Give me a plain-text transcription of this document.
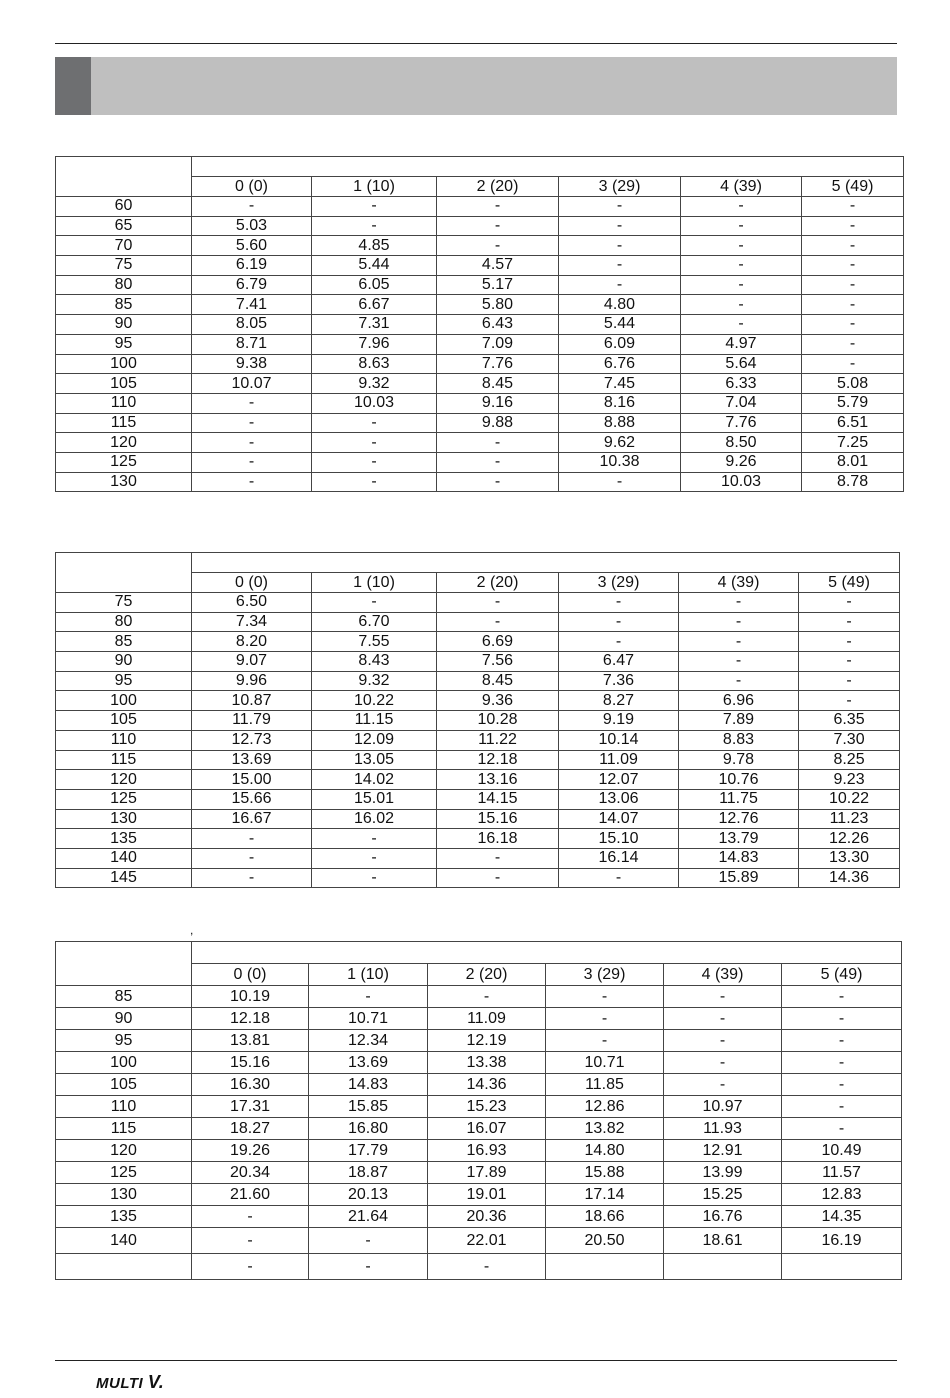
	0 (0)	1 (10)	2 (20)	3 (29)	4 (39)	5 (49)
60	-	-	-	-	-	-
65	5.03	-	-	-	-	-
70	5.60	4.85	-	-	-	-
75	6.19	5.44	4.57	-	-	-
80	6.79	6.05	5.17	-	-	-
85	7.41	6.67	5.80	4.80	-	-
90	8.05	7.31	6.43	5.44	-	-
95	8.71	7.96	7.09	6.09	4.97	-
100	9.38	8.63	7.76	6.76	5.64	-
105	10.07	9.32	8.45	7.45	6.33	5.08
110	-	10.03	9.16	8.16	7.04	5.79
115	-	-	9.88	8.88	7.76	6.51
120	-	-	-	9.62	8.50	7.25
125	-	-	-	10.38	9.26	8.01
130	-	-	-	-	10.03	8.78

	0 (0)	1 (10)	2 (20)	3 (29)	4 (39)	5 (49)
75	6.50	-	-	-	-	-
80	7.34	6.70	-	-	-	-
85	8.20	7.55	6.69	-	-	-
90	9.07	8.43	7.56	6.47	-	-
95	9.96	9.32	8.45	7.36	-	-
100	10.87	10.22	9.36	8.27	6.96	-
105	11.79	11.15	10.28	9.19	7.89	6.35
110	12.73	12.09	11.22	10.14	8.83	7.30
115	13.69	13.05	12.18	11.09	9.78	8.25
120	15.00	14.02	13.16	12.07	10.76	9.23
125	15.66	15.01	14.15	13.06	11.75	10.22
130	16.67	16.02	15.16	14.07	12.76	11.23
135	-	-	16.18	15.10	13.79	12.26
140	-	-	-	16.14	14.83	13.30
145	-	-	-	-	15.89	14.36
,

	0 (0)	1 (10)	2 (20)	3 (29)	4 (39)	5 (49)
85	10.19	-	-	-	-	-
90	12.18	10.71	11.09	-	-	-
95	13.81	12.34	12.19	-	-	-
100	15.16	13.69	13.38	10.71	-	-
105	16.30	14.83	14.36	11.85	-	-
110	17.31	15.85	15.23	12.86	10.97	-
115	18.27	16.80	16.07	13.82	11.93	-
120	19.26	17.79	16.93	14.80	12.91	10.49
125	20.34	18.87	17.89	15.88	13.99	11.57
130	21.60	20.13	19.01	17.14	15.25	12.83
135	-	21.64	20.36	18.66	16.76	14.35
140	-	-	22.01	20.50	18.61	16.19
	-	-	-			
MULTI V.
